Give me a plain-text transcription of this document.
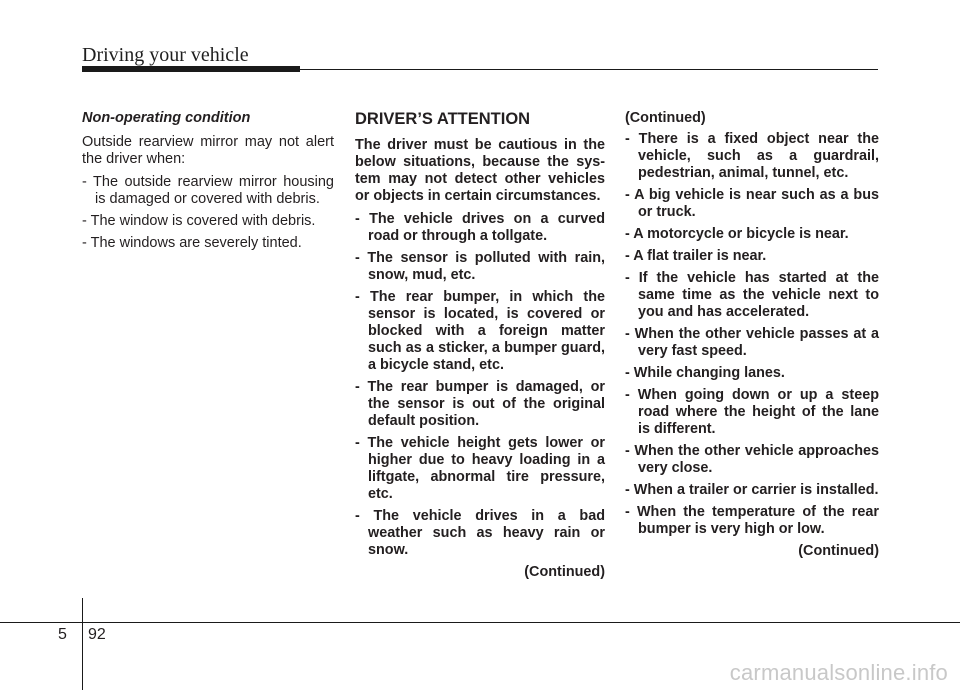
Driving your vehicle
Non-operating condition
Outside rearview mirror may not alert the driver when:
- The outside rearview mirror housing is damaged or covered with debris.
- The window is covered with debris.
- The windows are severely tinted.
DRIVER’S ATTENTION
The driver must be cautious in the below situations, because the sys-tem may not detect other vehicles or objects in certain circumstances.
- The vehicle drives on a curved road or through a tollgate.
- The sensor is polluted with rain, snow, mud, etc.
- The rear bumper, in which the sensor is located, is covered or blocked with a foreign matter such as a sticker, a bumper guard, a bicycle stand, etc.
- The rear bumper is damaged, or the sensor is out of the original default position.
- The vehicle height gets lower or higher due to heavy loading in a liftgate, abnormal tire pressure, etc.
- The vehicle drives in a bad weather such as heavy rain or snow.
(Continued)
(Continued)
- There is a fixed object near the vehicle, such as a guardrail, pedestrian, animal, tunnel, etc.
- A big vehicle is near such as a bus or truck.
- A motorcycle or bicycle is near.
- A flat trailer is near.
- If the vehicle has started at the same time as the vehicle next to you and has accelerated.
- When the other vehicle passes at a very fast speed.
- While changing lanes.
- When going down or up a steep road where the height of the lane is different.
- When the other vehicle approaches very close.
- When a trailer or carrier is installed.
- When the temperature of the rear bumper is very high or low.
(Continued)
5 92
carmanualsonline.info
